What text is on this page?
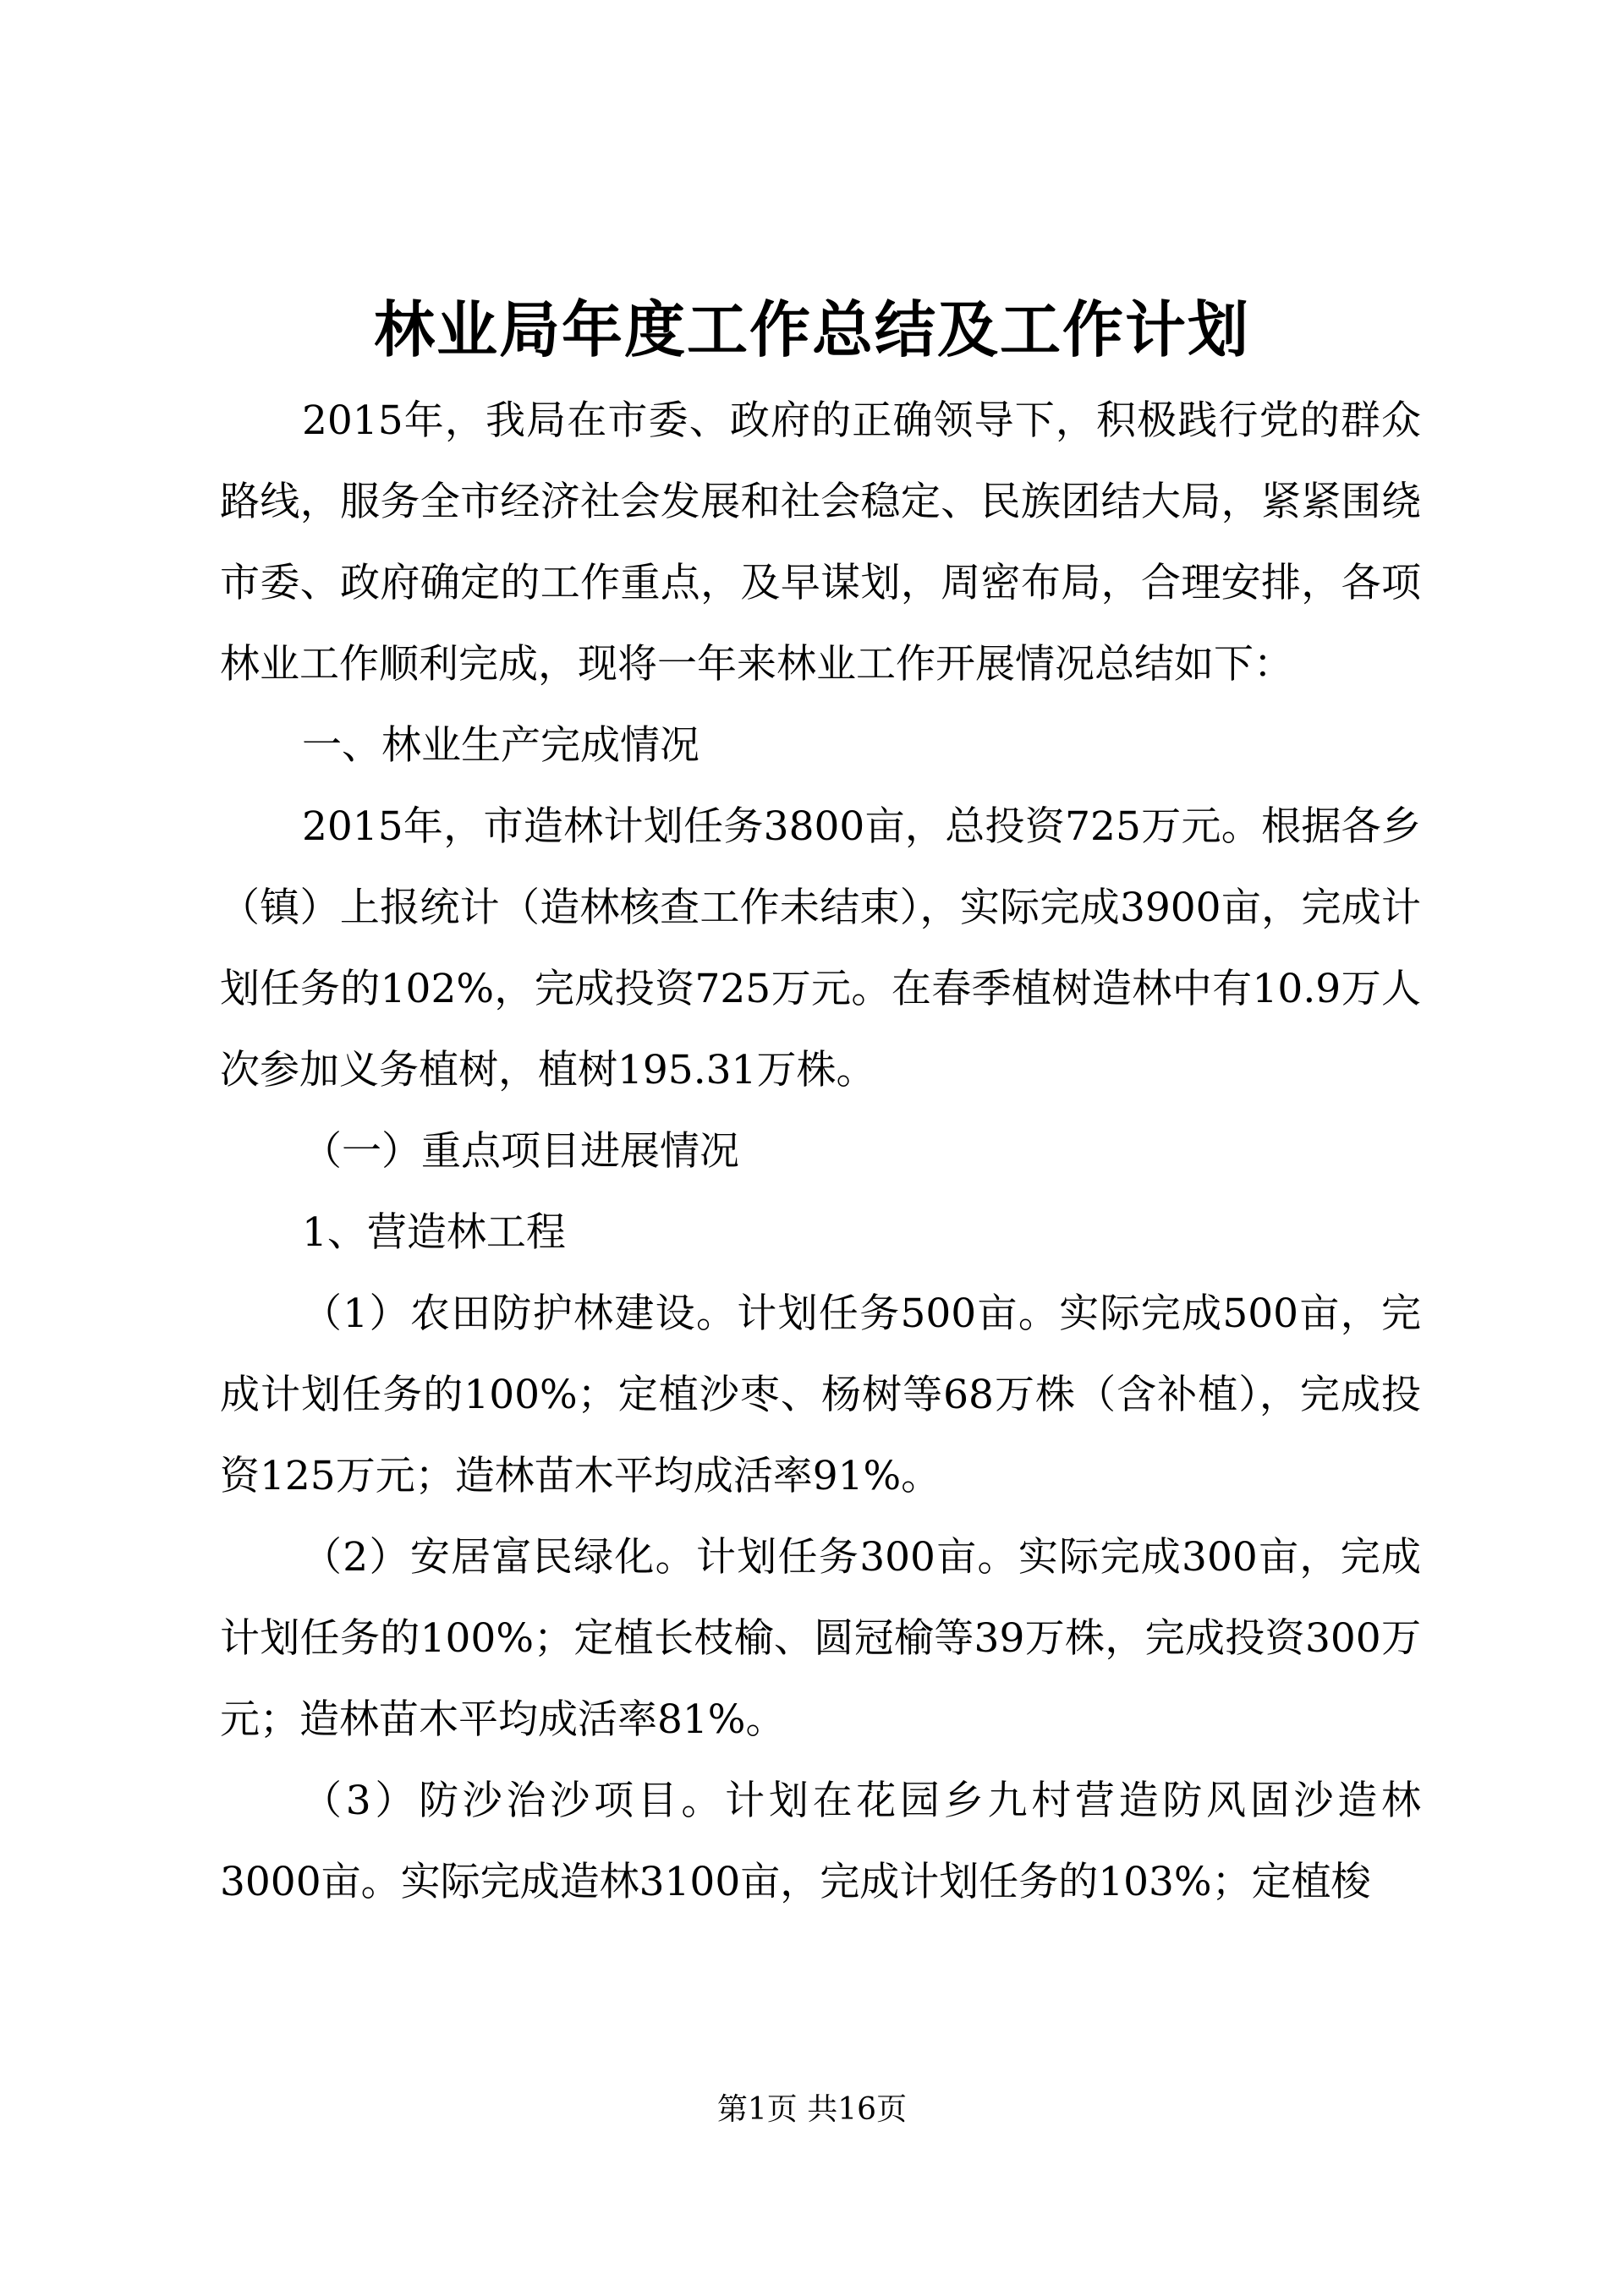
林业局年度工作总结及工作计划

2015年，我局在市委、政府的正确领导下，积极践行党的群众路线，服务全市经济社会发展和社会稳定、民族团结大局，紧紧围绕市委、政府确定的工作重点，及早谋划，周密布局，合理安排，各项林业工作顺利完成，现将一年来林业工作开展情况总结如下：

一、林业生产完成情况

2015年，市造林计划任务3800亩，总投资725万元。根据各乡（镇）上报统计（造林核查工作未结束），实际完成3900亩，完成计划任务的102%，完成投资725万元。在春季植树造林中有10.9万人次参加义务植树，植树195.31万株。

（一）重点项目进展情况

1、营造林工程

（1）农田防护林建设。计划任务500亩。实际完成500亩，完成计划任务的100%；定植沙枣、杨树等68万株（含补植），完成投资125万元；造林苗木平均成活率91%。

（2）安居富民绿化。计划任务300亩。实际完成300亩，完成计划任务的100%；定植长枝榆、圆冠榆等39万株，完成投资300万元；造林苗木平均成活率81%。

（3）防沙治沙项目。计划在花园乡九村营造防风固沙造林3000亩。实际完成造林3100亩，完成计划任务的103%；定植梭

第1页 共16页
